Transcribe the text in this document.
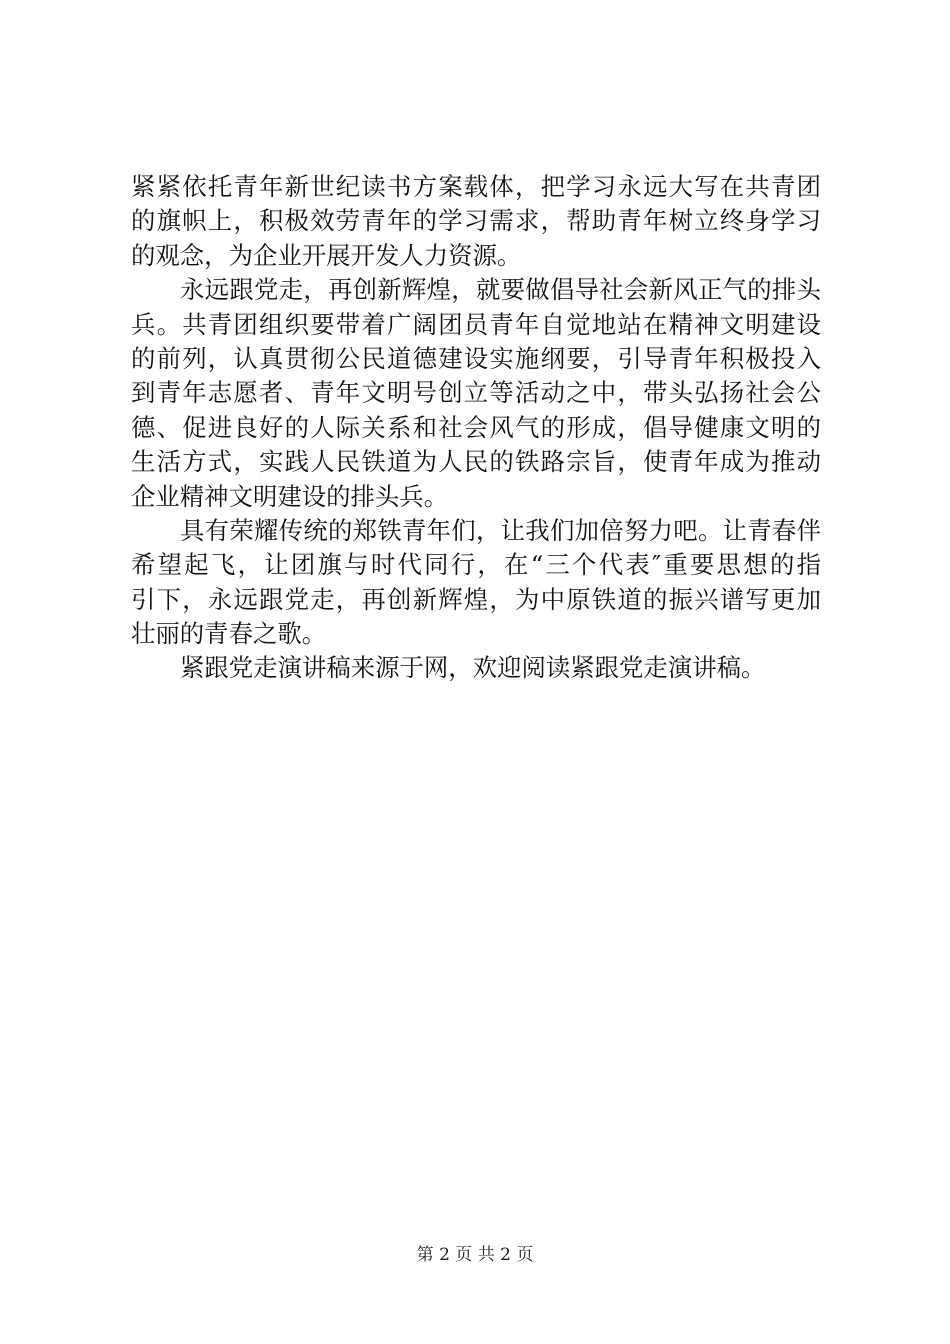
紧紧依托青年新世纪读书方案载体，把学习永远大写在共青团
的旗帜上，积极效劳青年的学习需求，帮助青年树立终身学习
的观念，为企业开展开发人力资源。
永远跟党走，再创新辉煌，就要做倡导社会新风正气的排头
兵。共青团组织要带着广阔团员青年自觉地站在精神文明建设
的前列，认真贯彻公民道德建设实施纲要，引导青年积极投入
到青年志愿者、青年文明号创立等活动之中，带头弘扬社会公
德、促进良好的人际关系和社会风气的形成，倡导健康文明的
生活方式，实践人民铁道为人民的铁路宗旨，使青年成为推动
企业精神文明建设的排头兵。
具有荣耀传统的郑铁青年们，让我们加倍努力吧。让青春伴
希望起飞，让团旗与时代同行，在“三个代表″重要思想的指
引下，永远跟党走，再创新辉煌，为中原铁道的振兴谱写更加
壮丽的青春之歌。
紧跟党走演讲稿来源于网，欢迎阅读紧跟党走演讲稿。
第 2 页 共 2 页
